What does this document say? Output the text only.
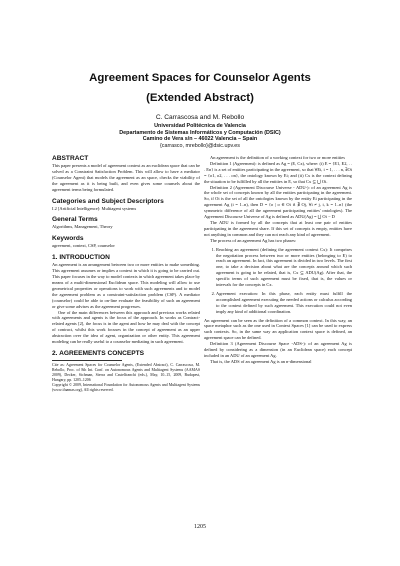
Agreement Spaces for Counselor Agents
(Extended Abstract)
C. Carrascosa and M. Rebollo
Universidad Politécnica de Valencia
Departamento de Sistemas Informáticos y Computación (DSIC)
Camino de Vera s/n – 46022 Valencia – Spain
{carrasco, mrebollo}@dsic.upv.es
ABSTRACT

This paper presents a model of agreement context as an euclidean space that can be solved as a Constraint Satisfaction Problem. This will allow to have a mediator (Counselor Agent) that models the agreement as an space, checks the viability of the agreement as it is being built, and even gives some counsels about the agreement terms being formulated.

Categories and Subject Descriptors

I.2 [Artificial Intelligence]: Multiagent systems

General Terms

Algorithms, Management, Theory

Keywords

agreement, context, CSP, counselor

1. INTRODUCTION

An agreement is an arrangement between two or more entities to make something. This agreement assumes or implies a context in which it is going to be carried out. This paper focuses in the way to model contexts in which agreement takes place by means of a multi-dimensional Euclidean space. This modeling will allow to use geometrical properties or operations to work with such agreements and to model the agreement problem as a constraint-satisfaction problem (CSP). A mediator (counselor) could be able to on-line evaluate the feasibility of such an agreement or give some advises as the agreement progresses.

One of the main differences between this approach and previous works related with agreements and agents is the focus of the approach. In works as Contract-related agents [2], the focus is in the agent and how he may deal with the concept of contract, whilst this work focuses in the concept of agreement as an upper abstraction over the idea of agent, organization or other entity. This agreement modeling can be really useful to a counselor mediating in such agreement.

2. AGREEMENTS CONCEPTS

Cite as: Agreement Spaces for Counselor Agents, (Extended Abstract), C. Carrascosa, M. Rebollo, Proc. of 8th Int. Conf. on Autonomous Agents and Multiagent Systems (AAMAS 2009), Decker, Sichman, Sierra and Castelfranchi (eds.), May, 10–15, 2009, Budapest, Hungary, pp. 1205–1206

Copyright © 2009, International Foundation for Autonomous Agents and Multiagent Systems (www.ifaamas.org), All rights reserved.

An agreement is the definition of a working context for two or more entities

Definition 1 (Agreement): is defined as Ag = (E, Cx), where: (i) E = {E1, E2, . . . En} is a set of entities participating in the agreement, so that ∀Ei, i = 1, . . . n, ∃Oi = {o1, o2, . . . on}, the ontology known by Ei; and (ii) Cx is the context defining the situation to be fulfilled by all the entities in E, so that Cx ⊆ ⋃ Oi.

Definition 2 (Agreement Discourse Universe - ADU-): of an agreement Ag is the whole set of concepts known by all the entities participating in the agreement. So, if Oi is the set of all the ontologies known by the entity Ei participating in the agreement Ag (i = 1..n), then D = {o | o ∈ Oi ∧ ∄ Oj, ∀i ≠ j, i, k = 1..n} (the symmetric difference of all the agreement participating entities' ontologies). The Agreement Discourse Universe of Ag is defined as ADU(Ag) = ⋃ Oi − D

The ADU is formed by all the concepts that at least one pair of entities participating in the agreement share. If this set of concepts is empty, entities have not anything in common and they can not reach any kind of agreement.

The process of an agreement Ag has two phases:

1. Reaching an agreement (defining the agreement context Cx): It comprises the negotiation process between two or more entities (belonging to E) to reach an agreement. In fact, this agreement is divided in two levels. The first one, to take a decision about what are the concepts around which such agreement is going to be related, that is, Cx ⊆ ADU(Ag). After that, the specific terms of such agreement must be fixed, that is, the values or intervals for the concepts in Cx.
2. Agreement execution: In this phase, each entity must fulfill the accomplished agreement executing the needed actions or calculus according to the context defined by such agreement. This execution could not even imply any kind of additional coordination.

An agreement can be seen as the definition of a common context. In this way, an space metaphor such as the one used in Context Spaces [1] can be used to express such contexts. So, in the same way an application context space is defined, an agreement space can be defined.

Definition 3 (Agreement Discourse Space -ADS-): of an agreement Ag is defined by considering as a dimension (in an Euclidean space) each concept included in an ADU of an agreement Ag.

That is, the ADS of an agreement Ag is an n-dimensional

1205
